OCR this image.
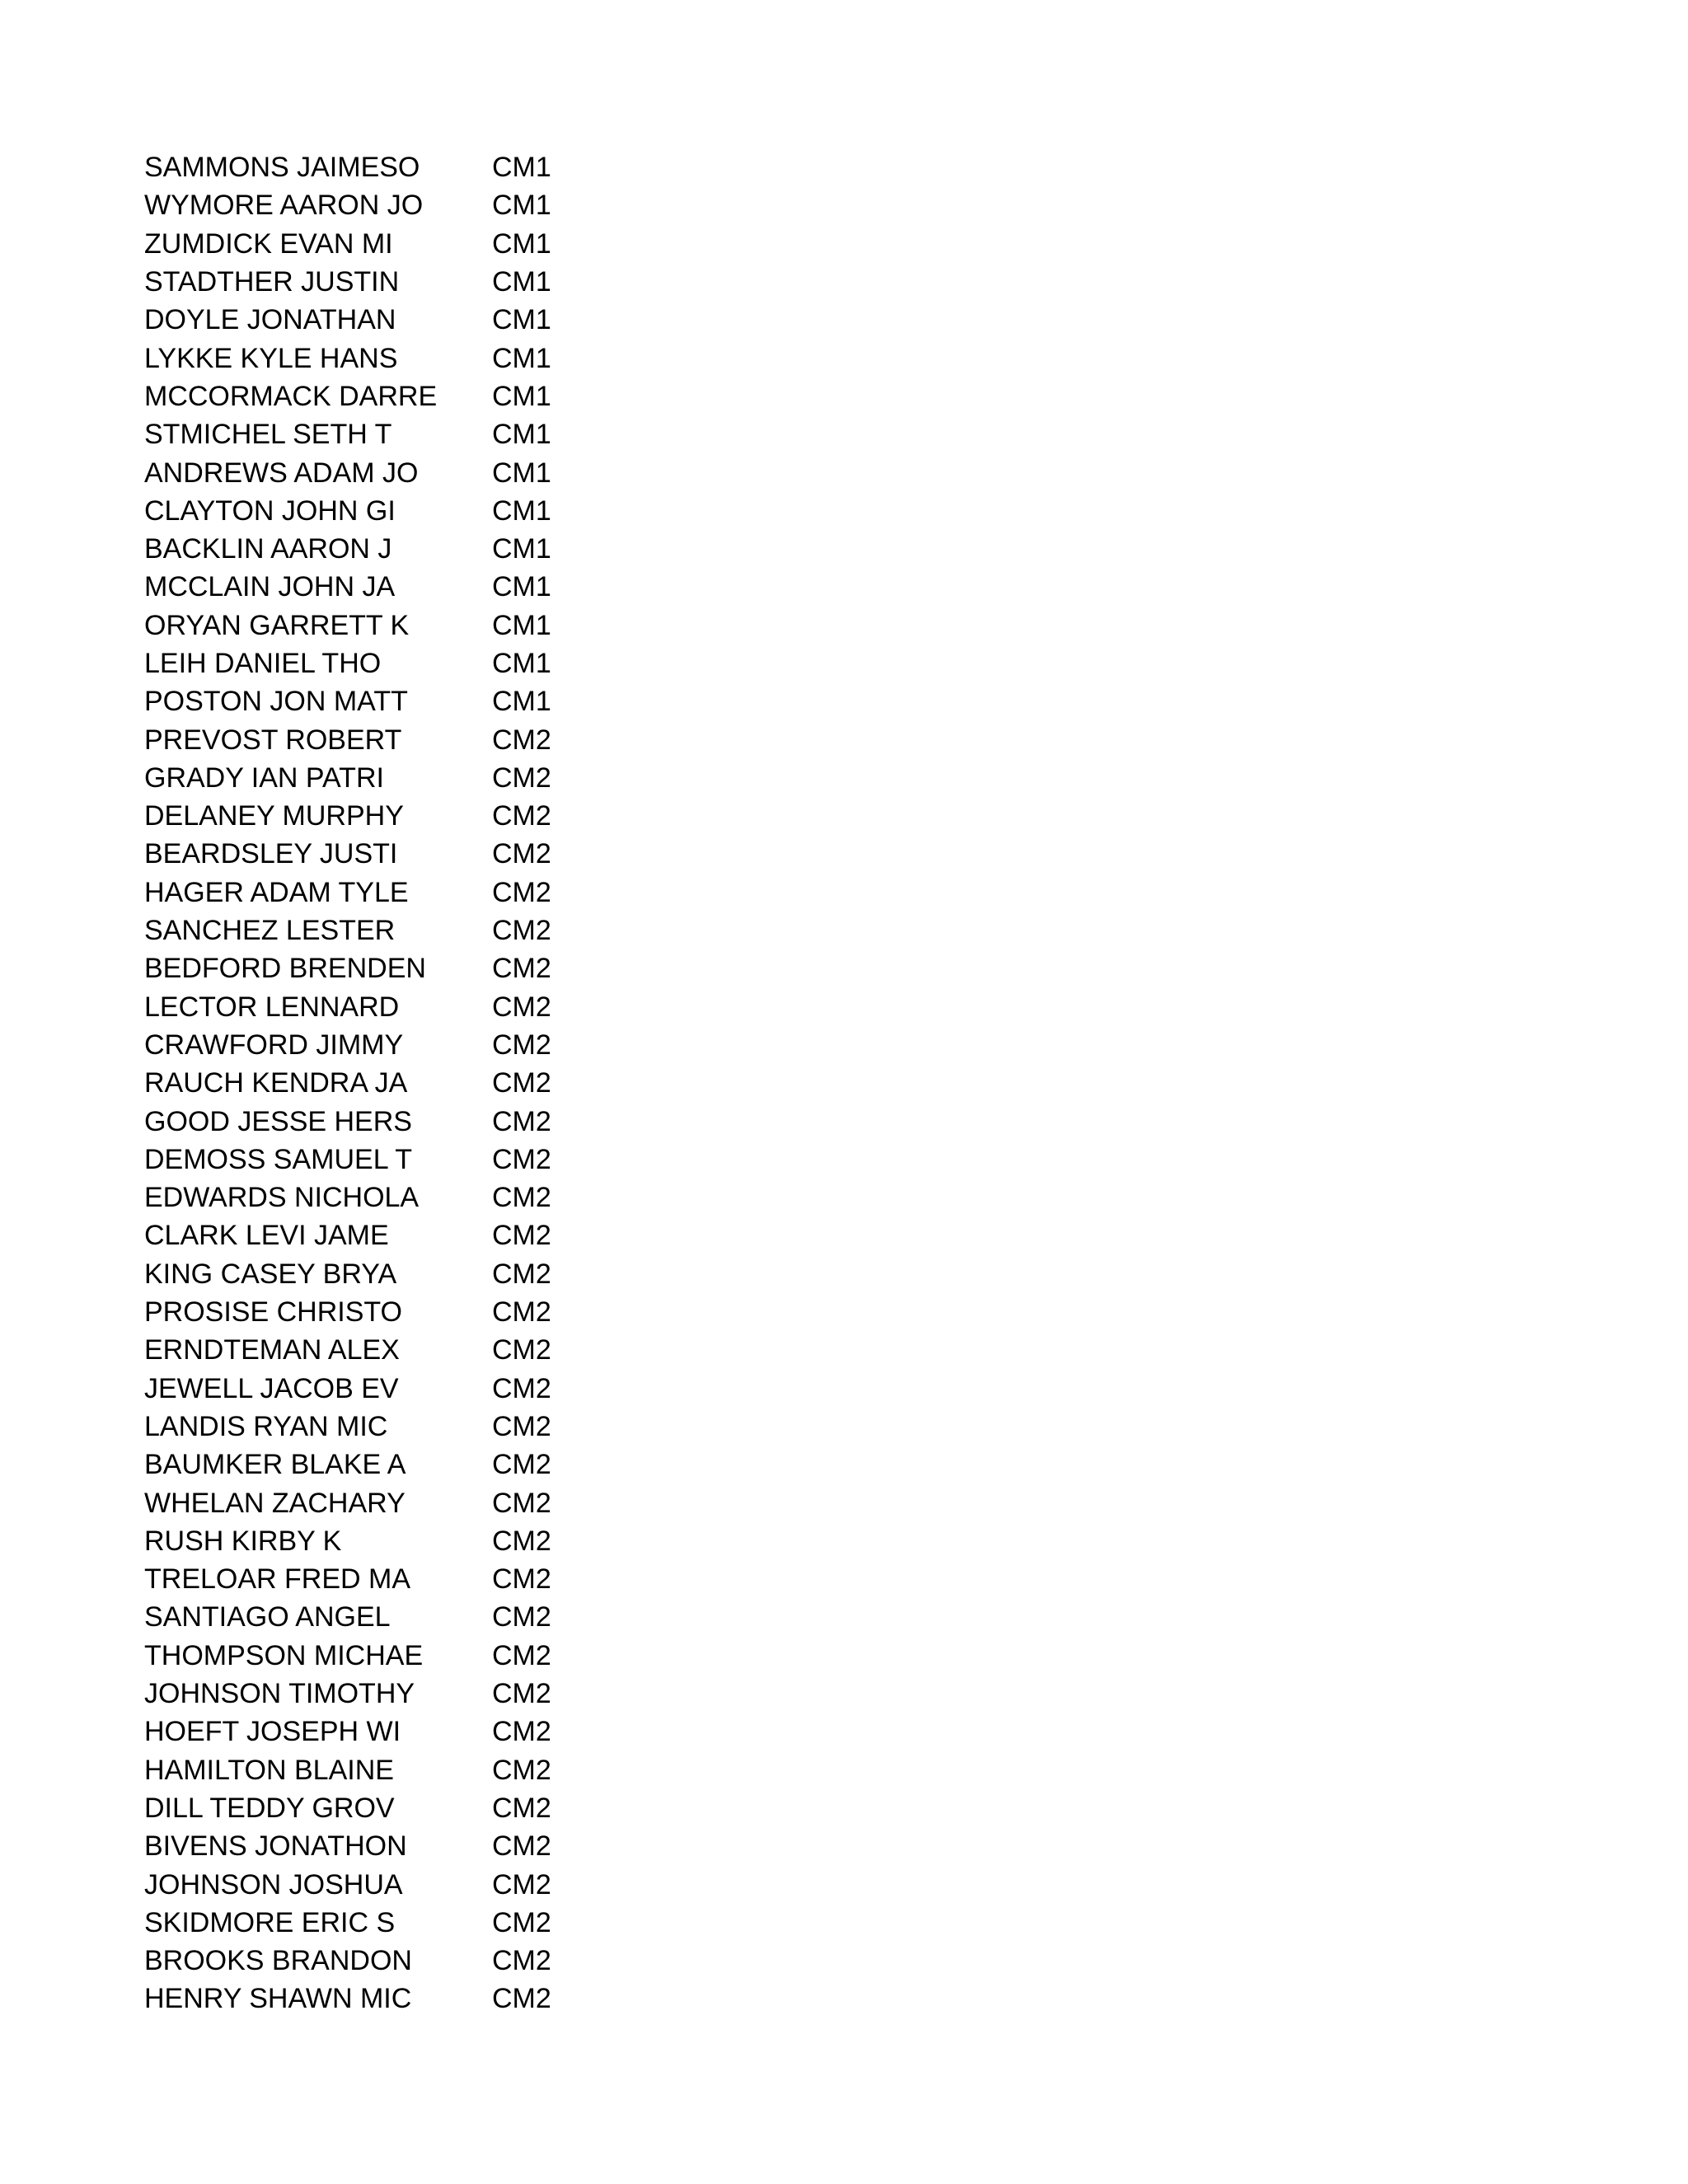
SAMMONS JAIMESO	CM1
WYMORE AARON JO	CM1
ZUMDICK EVAN MI	CM1
STADTHER JUSTIN	CM1
DOYLE JONATHAN	CM1
LYKKE KYLE HANS	CM1
MCCORMACK DARRE	CM1
STMICHEL SETH T	CM1
ANDREWS ADAM JO	CM1
CLAYTON JOHN GI	CM1
BACKLIN AARON J	CM1
MCCLAIN JOHN JA	CM1
ORYAN GARRETT K	CM1
LEIH DANIEL THO	CM1
POSTON JON MATT	CM1
PREVOST ROBERT	CM2
GRADY IAN PATRI	CM2
DELANEY MURPHY	CM2
BEARDSLEY JUSTI	CM2
HAGER ADAM TYLE	CM2
SANCHEZ LESTER	CM2
BEDFORD BRENDEN	CM2
LECTOR LENNARD	CM2
CRAWFORD JIMMY	CM2
RAUCH KENDRA JA	CM2
GOOD JESSE HERS	CM2
DEMOSS SAMUEL T	CM2
EDWARDS NICHOLA	CM2
CLARK LEVI JAME	CM2
KING CASEY BRYA	CM2
PROSISE CHRISTO	CM2
ERNDTEMAN ALEX	CM2
JEWELL JACOB EV	CM2
LANDIS RYAN MIC	CM2
BAUMKER BLAKE A	CM2
WHELAN ZACHARY	CM2
RUSH KIRBY K	CM2
TRELOAR FRED MA	CM2
SANTIAGO ANGEL	CM2
THOMPSON MICHAE	CM2
JOHNSON TIMOTHY	CM2
HOEFT JOSEPH WI	CM2
HAMILTON BLAINE	CM2
DILL TEDDY GROV	CM2
BIVENS JONATHON	CM2
JOHNSON JOSHUA	CM2
SKIDMORE ERIC S	CM2
BROOKS BRANDON	CM2
HENRY SHAWN MIC	CM2
